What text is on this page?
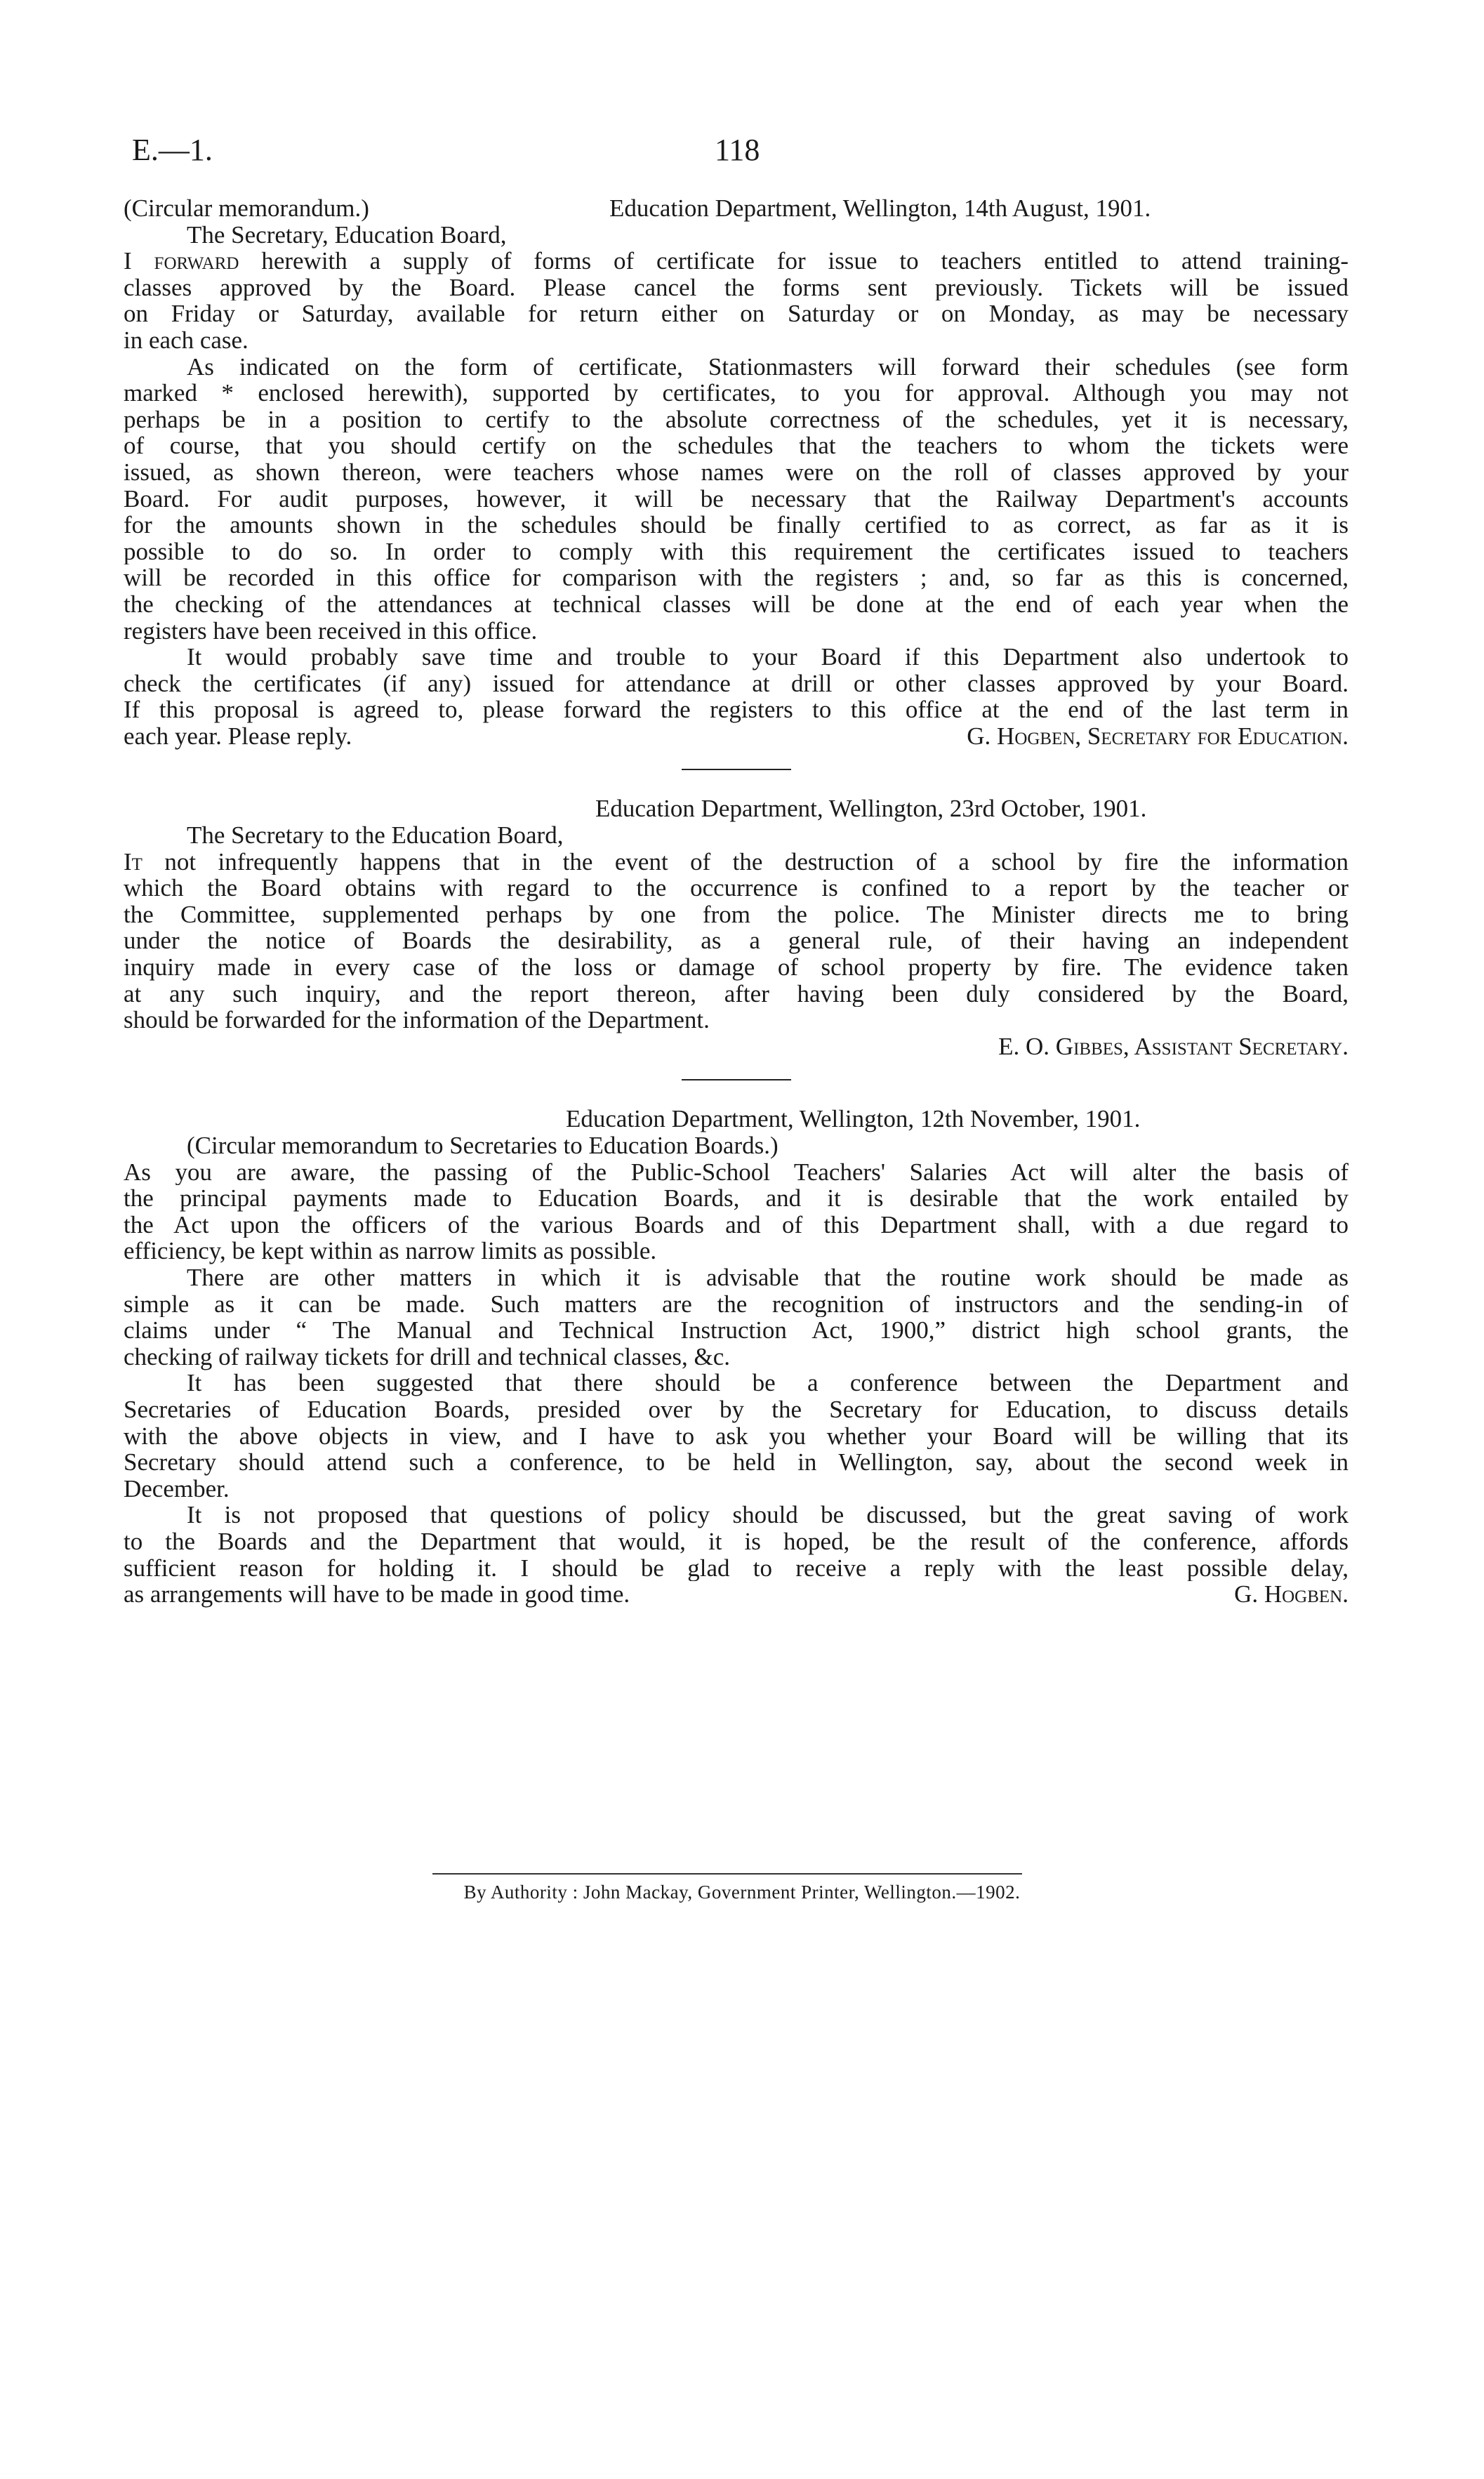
E.—1.	118
(Circular memorandum.)	Education Department, Wellington, 14th August, 1901.
The Secretary, Education Board,
I forward herewith a supply of forms of certificate for issue to teachers entitled to attend training-
classes approved by the Board. Please cancel the forms sent previously. Tickets will be issued
on Friday or Saturday, available for return either on Saturday or on Monday, as may be necessary
in each case.
As indicated on the form of certificate, Stationmasters will forward their schedules (see form
marked * enclosed herewith), supported by certificates, to you for approval. Although you may not
perhaps be in a position to certify to the absolute correctness of the schedules, yet it is necessary,
of course, that you should certify on the schedules that the teachers to whom the tickets were
issued, as shown thereon, were teachers whose names were on the roll of classes approved by your
Board. For audit purposes, however, it will be necessary that the Railway Department's accounts
for the amounts shown in the schedules should be finally certified to as correct, as far as it is
possible to do so. In order to comply with this requirement the certificates issued to teachers
will be recorded in this office for comparison with the registers ; and, so far as this is concerned,
the checking of the attendances at technical classes will be done at the end of each year when the
registers have been received in this office.
It would probably save time and trouble to your Board if this Department also undertook to
check the certificates (if any) issued for attendance at drill or other classes approved by your Board.
If this proposal is agreed to, please forward the registers to this office at the end of the last term in
each year. Please reply.	G. Hogben, Secretary for Education.
Education Department, Wellington, 23rd October, 1901.
The Secretary to the Education Board,
It not infrequently happens that in the event of the destruction of a school by fire the information
which the Board obtains with regard to the occurrence is confined to a report by the teacher or
the Committee, supplemented perhaps by one from the police. The Minister directs me to bring
under the notice of Boards the desirability, as a general rule, of their having an independent
inquiry made in every case of the loss or damage of school property by fire. The evidence taken
at any such inquiry, and the report thereon, after having been duly considered by the Board,
should be forwarded for the information of the Department.
E. O. Gibbes, Assistant Secretary.
Education Department, Wellington, 12th November, 1901.
(Circular memorandum to Secretaries to Education Boards.)
As you are aware, the passing of the Public-School Teachers' Salaries Act will alter the basis of
the principal payments made to Education Boards, and it is desirable that the work entailed by
the Act upon the officers of the various Boards and of this Department shall, with a due regard to
efficiency, be kept within as narrow limits as possible.
There are other matters in which it is advisable that the routine work should be made as
simple as it can be made. Such matters are the recognition of instructors and the sending-in of
claims under “ The Manual and Technical Instruction Act, 1900,” district high school grants, the
checking of railway tickets for drill and technical classes, &c.
It has been suggested that there should be a conference between the Department and
Secretaries of Education Boards, presided over by the Secretary for Education, to discuss details
with the above objects in view, and I have to ask you whether your Board will be willing that its
Secretary should attend such a conference, to be held in Wellington, say, about the second week in
December.
It is not proposed that questions of policy should be discussed, but the great saving of work
to the Boards and the Department that would, it is hoped, be the result of the conference, affords
sufficient reason for holding it. I should be glad to receive a reply with the least possible delay,
as arrangements will have to be made in good time.	G. Hogben.
By Authority : John Mackay, Government Printer, Wellington.—1902.
